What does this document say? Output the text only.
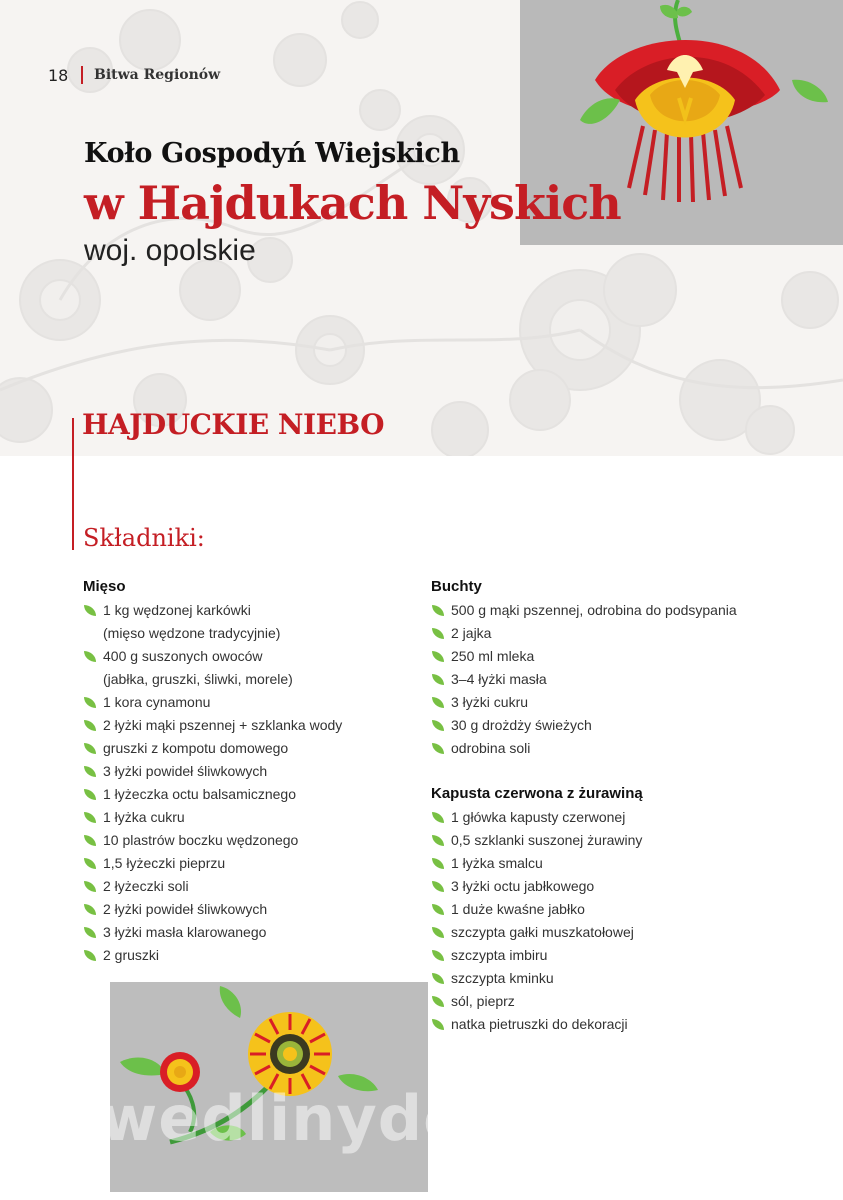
18 Bitwa Regionów
Koło Gospodyń Wiejskich
w Hajdukach Nyskich
woj. opolskie
HAJDUCKIE NIEBO
Składniki:
Mięso
1 kg wędzonej karkówki
(mięso wędzone tradycyjnie)
400 g suszonych owoców
(jabłka, gruszki, śliwki, morele)
1 kora cynamonu
2 łyżki mąki pszennej + szklanka wody
gruszki z kompotu domowego
3 łyżki powideł śliwkowych
1 łyżeczka octu balsamicznego
1 łyżka cukru
10 plastrów boczku wędzonego
1,5 łyżeczki pieprzu
2 łyżeczki soli
2 łyżki powideł śliwkowych
3 łyżki masła klarowanego
2 gruszki
Buchty
500 g mąki pszennej, odrobina do podsypania
2 jajka
250 ml mleka
3–4 łyżki masła
3 łyżki cukru
30 g drożdży świeżych
odrobina soli
Kapusta czerwona z żurawiną
1 główka kapusty czerwonej
0,5 szklanki suszonej żurawiny
1 łyżka smalcu
3 łyżki octu jabłkowego
1 duże kwaśne jabłko
szczypta gałki muszkatołowej
szczypta imbiru
szczypta kminku
sól, pieprz
natka pietruszki do dekoracji
wedlinydomowe.pl
